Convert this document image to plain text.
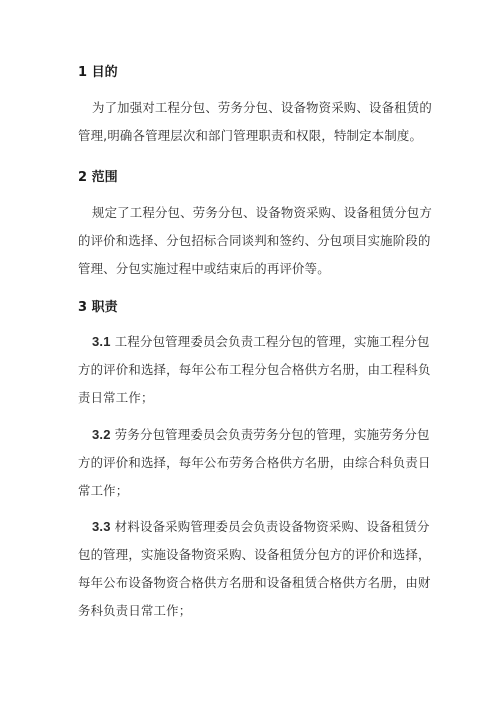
1 目的

为了加强对工程分包、劳务分包、设备物资采购、设备租赁的管理,明确各管理层次和部门管理职责和权限，特制定本制度。

2 范围

规定了工程分包、劳务分包、设备物资采购、设备租赁分包方的评价和选择、分包招标合同谈判和签约、分包项目实施阶段的管理、分包实施过程中或结束后的再评价等。

3 职责

3.1 工程分包管理委员会负责工程分包的管理，实施工程分包方的评价和选择，每年公布工程分包合格供方名册，由工程科负责日常工作；

3.2 劳务分包管理委员会负责劳务分包的管理，实施劳务分包方的评价和选择，每年公布劳务合格供方名册，由综合科负责日常工作；

3.3 材料设备采购管理委员会负责设备物资采购、设备租赁分包的管理，实施设备物资采购、设备租赁分包方的评价和选择，每年公布设备物资合格供方名册和设备租赁合格供方名册，由财务科负责日常工作；
